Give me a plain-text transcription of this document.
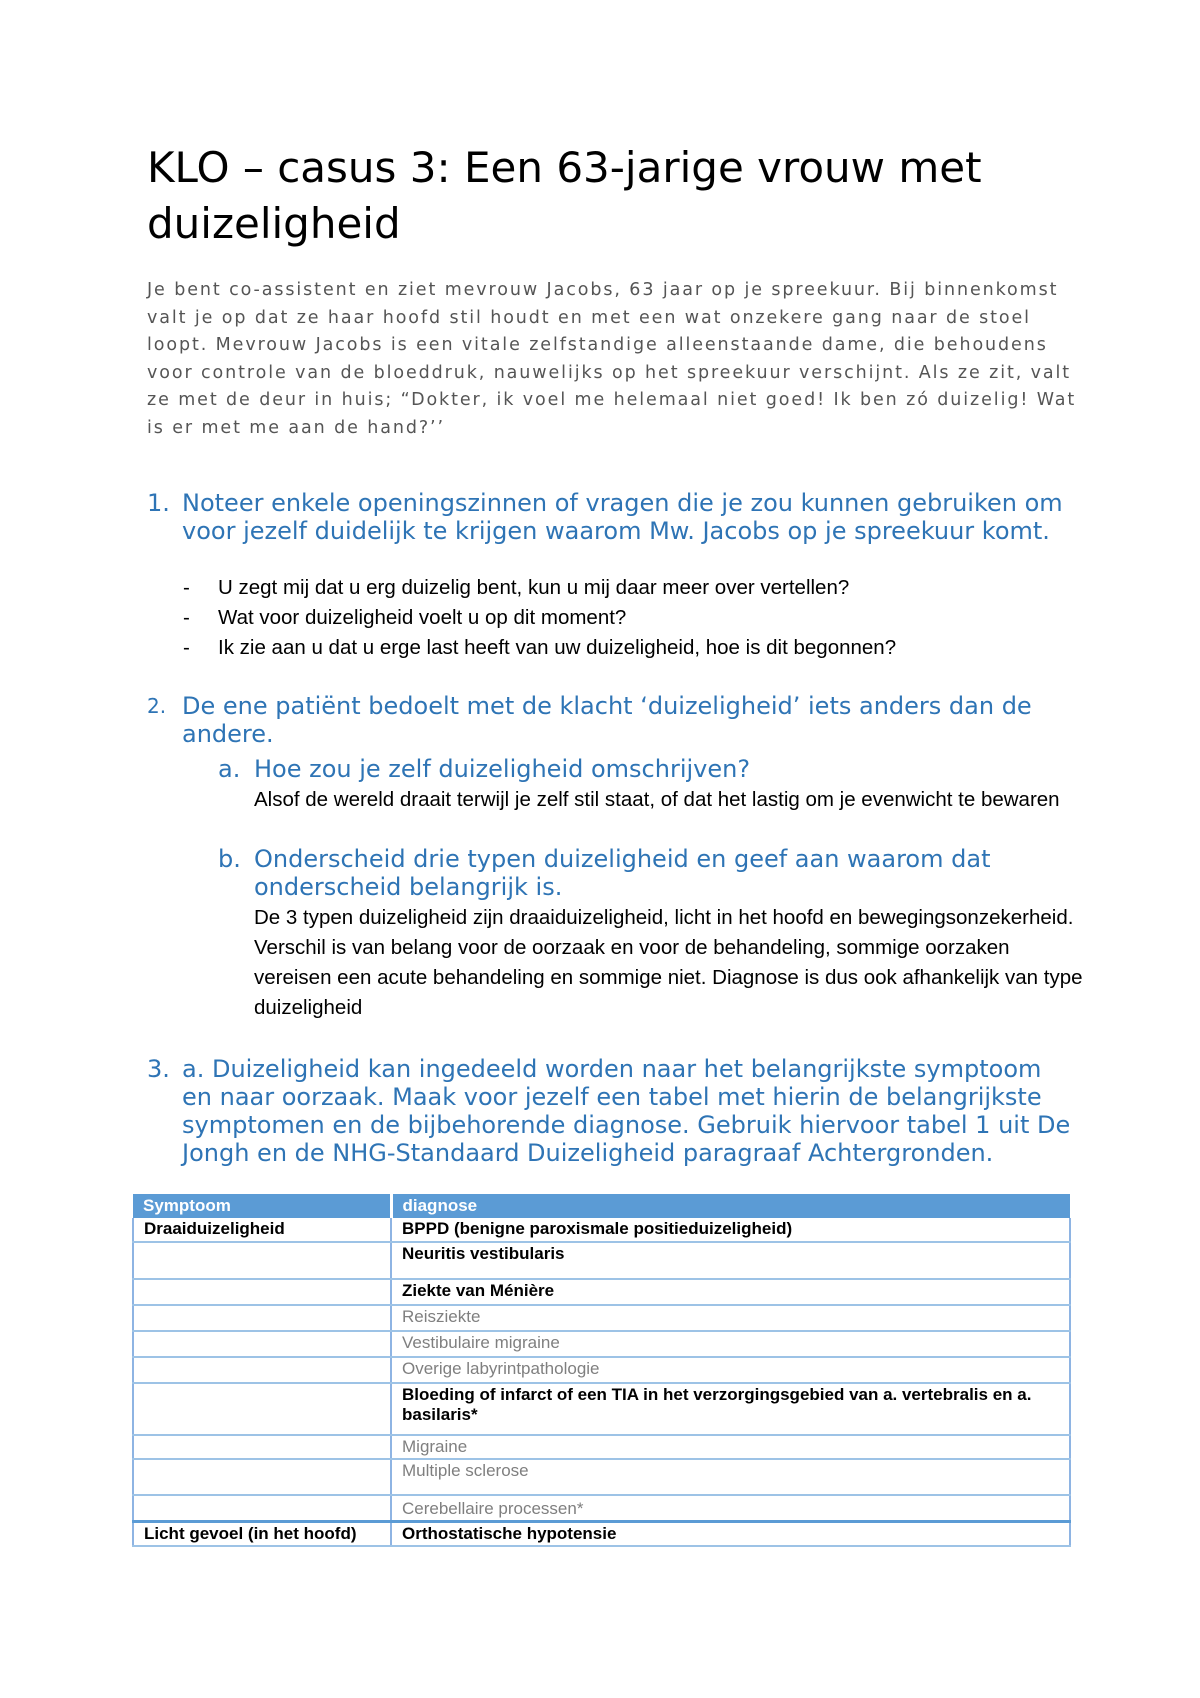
KLO – casus 3: Een 63-jarige vrouw met duizeligheid

Je bent co-assistent en ziet mevrouw Jacobs, 63 jaar op je spreekuur. Bij binnenkomst valt je op dat ze haar hoofd stil houdt en met een wat onzekere gang naar de stoel loopt. Mevrouw Jacobs is een vitale zelfstandige alleenstaande dame, die behoudens voor controle van de bloeddruk, nauwelijks op het spreekuur verschijnt. Als ze zit, valt ze met de deur in huis; “Dokter, ik voel me helemaal niet goed! Ik ben zó duizelig! Wat is er met me aan de hand?’’

1. Noteer enkele openingszinnen of vragen die je zou kunnen gebruiken om voor jezelf duidelijk te krijgen waarom Mw. Jacobs op je spreekuur komt.
- U zegt mij dat u erg duizelig bent, kun u mij daar meer over vertellen?
- Wat voor duizeligheid voelt u op dit moment?
- Ik zie aan u dat u erge last heeft van uw duizeligheid, hoe is dit begonnen?
2. De ene patiënt bedoelt met de klacht ‘duizeligheid’ iets anders dan de andere.
a. Hoe zou je zelf duizeligheid omschrijven?
Alsof de wereld draait terwijl je zelf stil staat, of dat het lastig om je evenwicht te bewaren
b. Onderscheid drie typen duizeligheid en geef aan waarom dat onderscheid belangrijk is.
De 3 typen duizeligheid zijn draaiduizeligheid, licht in het hoofd en bewegingsonzekerheid. Verschil is van belang voor de oorzaak en voor de behandeling, sommige oorzaken vereisen een acute behandeling en sommige niet. Diagnose is dus ook afhankelijk van type duizeligheid
3. a. Duizeligheid kan ingedeeld worden naar het belangrijkste symptoom en naar oorzaak. Maak voor jezelf een tabel met hierin de belangrijkste symptomen en de bijbehorende diagnose. Gebruik hiervoor tabel 1 uit De Jongh en de NHG-Standaard Duizeligheid paragraaf Achtergronden.
Symptoom	diagnose
Draaiduizeligheid	BPPD (benigne paroxismale positieduizeligheid)
	Neuritis vestibularis
	Ziekte van Ménière
	Reisziekte
	Vestibulaire migraine
	Overige labyrintpathologie
	Bloeding of infarct of een TIA in het verzorgingsgebied van a. vertebralis en a. basilaris*
	Migraine
	Multiple sclerose
	Cerebellaire processen*
Licht gevoel (in het hoofd)	Orthostatische hypotensie
